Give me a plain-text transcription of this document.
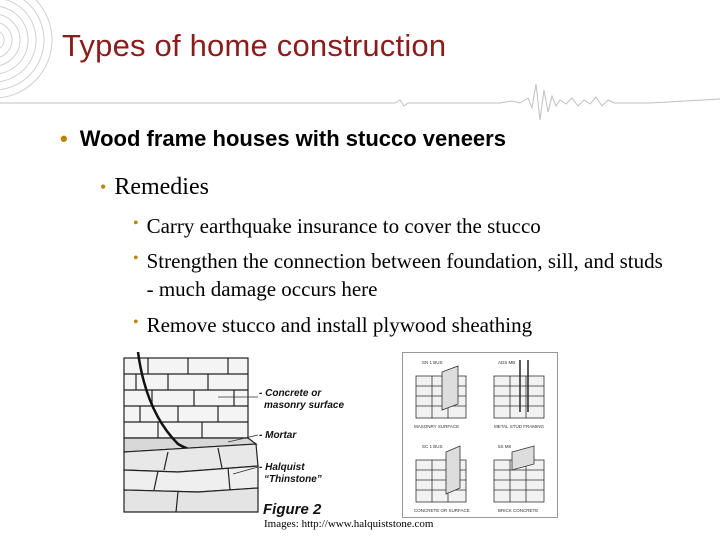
Types of home construction
• Wood frame houses with stucco veneers
• Remedies
• Carry earthquake insurance to cover the stucco
• Strengthen the connection between foundation, sill, and studs - much damage occurs here
• Remove stucco and install plywood sheathing
- Concrete or
masonry surface
- Mortar
- Halquist
“Thinstone”
Figure 2
SN 1 BUS	ADS MB
SC 1 BUS	5S M8
MASONRY SURFACE	METAL STUD FRAMING
CONCRETE OR SURFACE	BRICK CONCRETE
Images: http://www.halquiststone.com
